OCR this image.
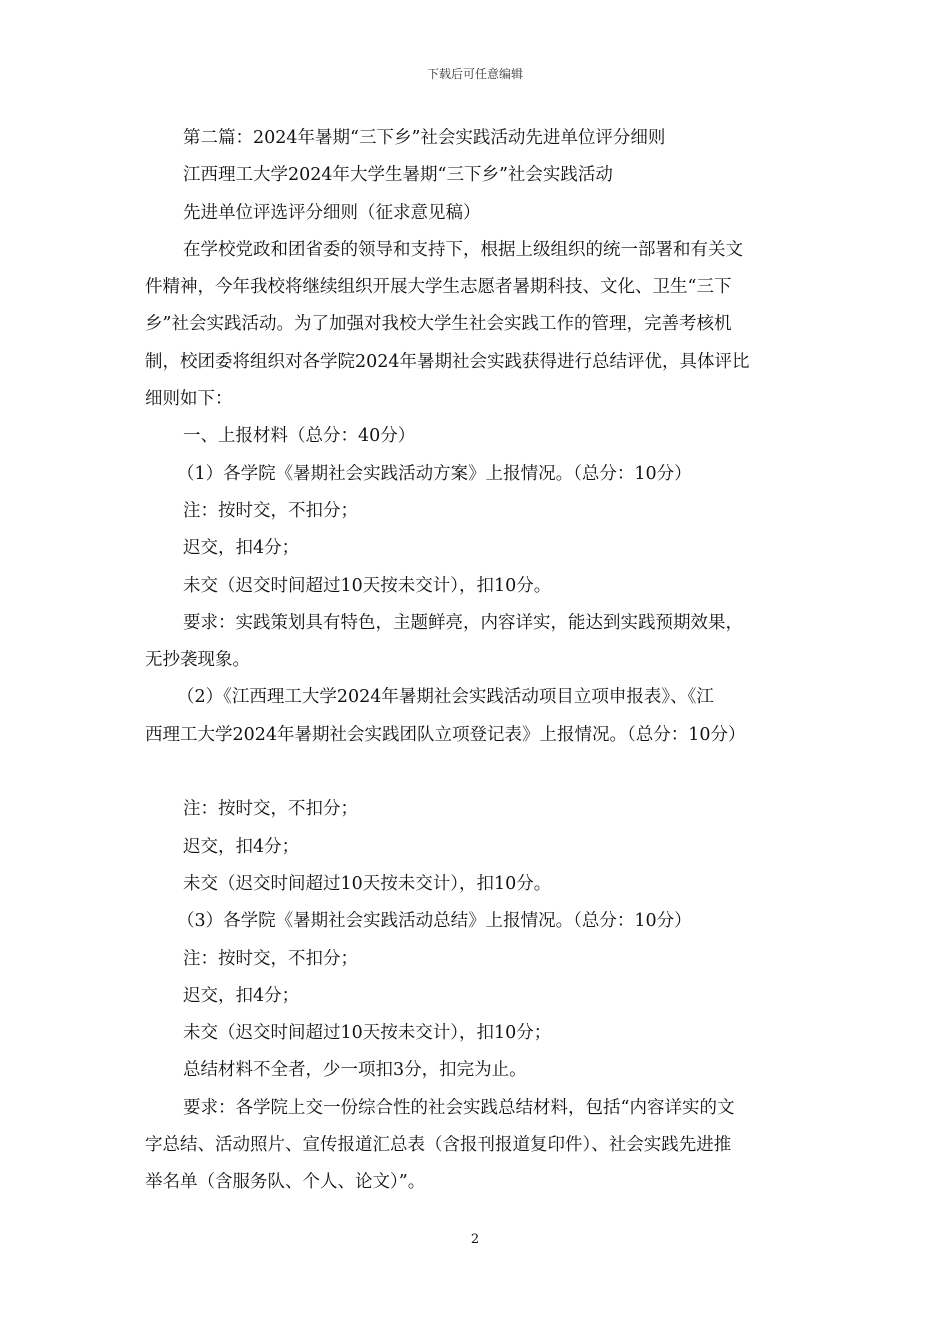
下载后可任意编辑

第二篇：2024年暑期“三下乡”社会实践活动先进单位评分细则

江西理工大学2024年大学生暑期“三下乡”社会实践活动

先进单位评选评分细则（征求意见稿）

在学校党政和团省委的领导和支持下，根据上级组织的统一部署和有关文

件精神，今年我校将继续组织开展大学生志愿者暑期科技、文化、卫生“三下

乡”社会实践活动。为了加强对我校大学生社会实践工作的管理，完善考核机

制，校团委将组织对各学院2024年暑期社会实践获得进行总结评优，具体评比

细则如下：

一、上报材料（总分：40分）

（1）各学院《暑期社会实践活动方案》上报情况。（总分：10分）

注：按时交，不扣分；

迟交，扣4分；

未交（迟交时间超过10天按未交计），扣10分。

要求：实践策划具有特色，主题鲜亮，内容详实，能达到实践预期效果，

无抄袭现象。

（2）《江西理工大学2024年暑期社会实践活动项目立项申报表》、《江

西理工大学2024年暑期社会实践团队立项登记表》上报情况。（总分：10分）

注：按时交，不扣分；

迟交，扣4分；

未交（迟交时间超过10天按未交计），扣10分。

（3）各学院《暑期社会实践活动总结》上报情况。（总分：10分）

注：按时交，不扣分；

迟交，扣4分；

未交（迟交时间超过10天按未交计），扣10分；

总结材料不全者，少一项扣3分，扣完为止。

要求：各学院上交一份综合性的社会实践总结材料，包括“内容详实的文

字总结、活动照片、宣传报道汇总表（含报刊报道复印件）、社会实践先进推

举名单（含服务队、个人、论文）”。

2
